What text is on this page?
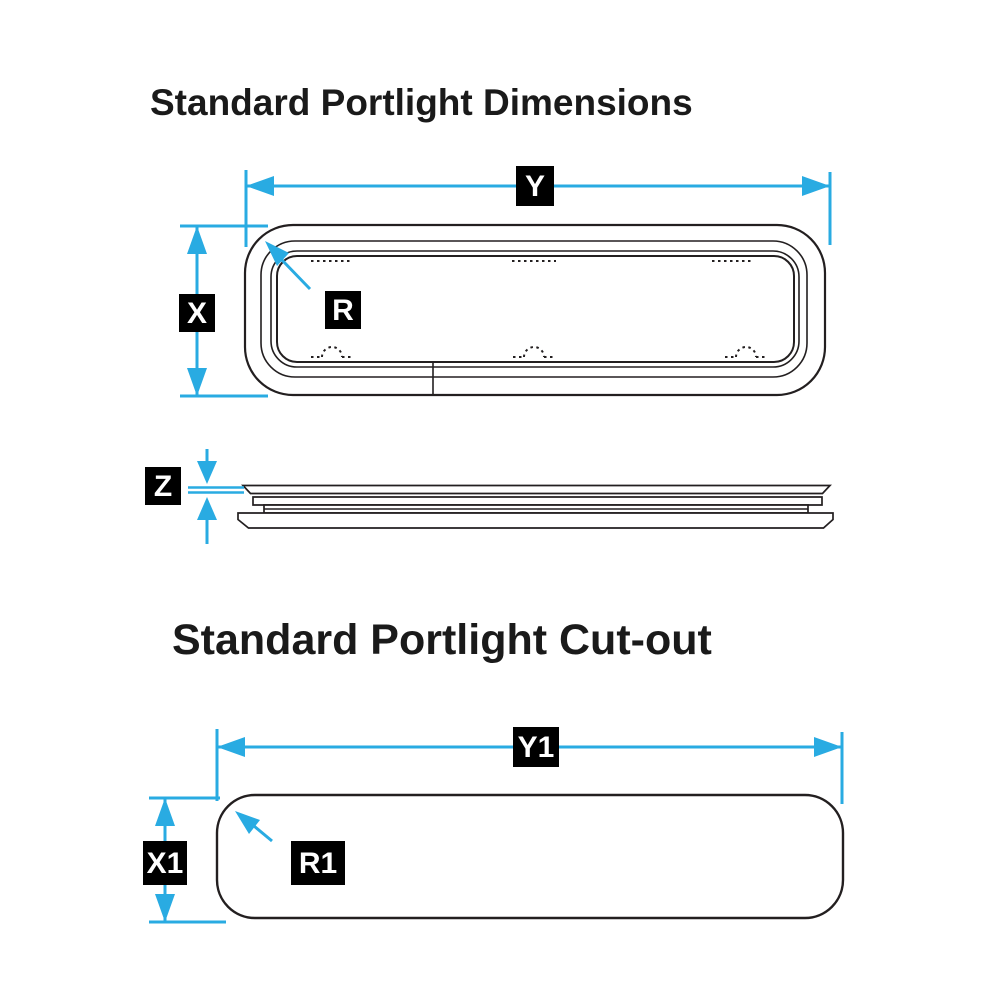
Standard Portlight Dimensions
Y
X	R
Z
Standard Portlight Cut-out
Y1
X1	R1
